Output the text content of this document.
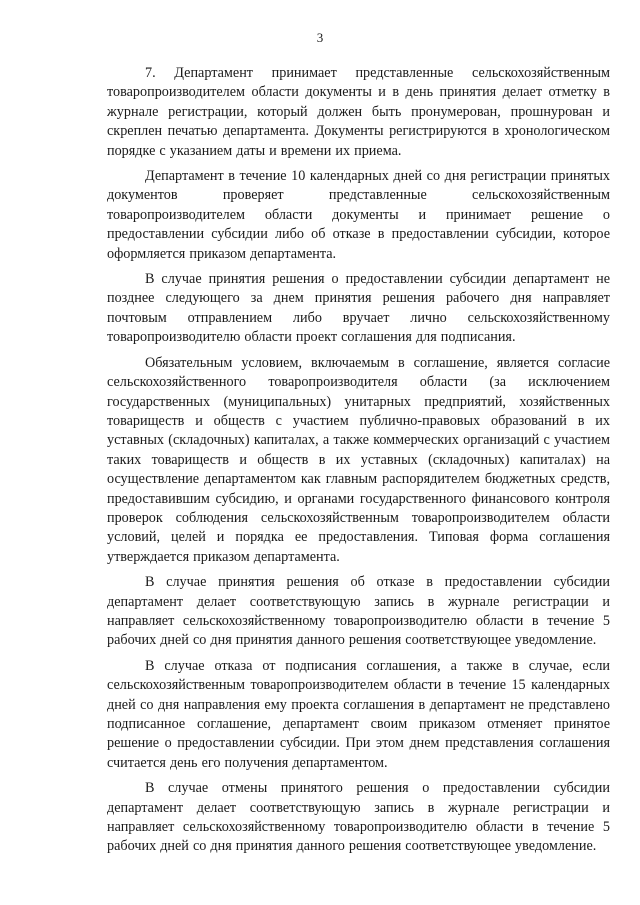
3

7. Департамент принимает представленные сельскохозяйственным товаропроизводителем области документы и в день принятия делает отметку в журнале регистрации, который должен быть пронумерован, прошнурован и скреплен печатью департамента. Документы регистрируются в хронологическом порядке с указанием даты и времени их приема.

Департамент в течение 10 календарных дней со дня регистрации принятых документов проверяет представленные сельскохозяйственным товаропроизводителем области документы и принимает решение о предоставлении субсидии либо об отказе в предоставлении субсидии, которое оформляется приказом департамента.

В случае принятия решения о предоставлении субсидии департамент не позднее следующего за днем принятия решения рабочего дня направляет почтовым отправлением либо вручает лично сельскохозяйственному товаропроизводителю области проект соглашения для подписания.

Обязательным условием, включаемым в соглашение, является согласие сельскохозяйственного товаропроизводителя области (за исключением государственных (муниципальных) унитарных предприятий, хозяйственных товариществ и обществ с участием публично-правовых образований в их уставных (складочных) капиталах, а также коммерческих организаций с участием таких товариществ и обществ в их уставных (складочных) капиталах) на осуществление департаментом как главным распорядителем бюджетных средств, предоставившим субсидию, и органами государственного финансового контроля проверок соблюдения сельскохозяйственным товаропроизводителем области условий, целей и порядка ее предоставления. Типовая форма соглашения утверждается приказом департамента.

В случае принятия решения об отказе в предоставлении субсидии департамент делает соответствующую запись в журнале регистрации и направляет сельскохозяйственному товаропроизводителю области в течение 5 рабочих дней со дня принятия данного решения соответствующее уведомление.

В случае отказа от подписания соглашения, а также в случае, если сельскохозяйственным товаропроизводителем области в течение 15 календарных дней со дня направления ему проекта соглашения в департамент не представлено подписанное соглашение, департамент своим приказом отменяет принятое решение о предоставлении субсидии. При этом днем представления соглашения считается день его получения департаментом.

В случае отмены принятого решения о предоставлении субсидии департамент делает соответствующую запись в журнале регистрации и направляет сельскохозяйственному товаропроизводителю области в течение 5 рабочих дней со дня принятия данного решения соответствующее уведомление.
